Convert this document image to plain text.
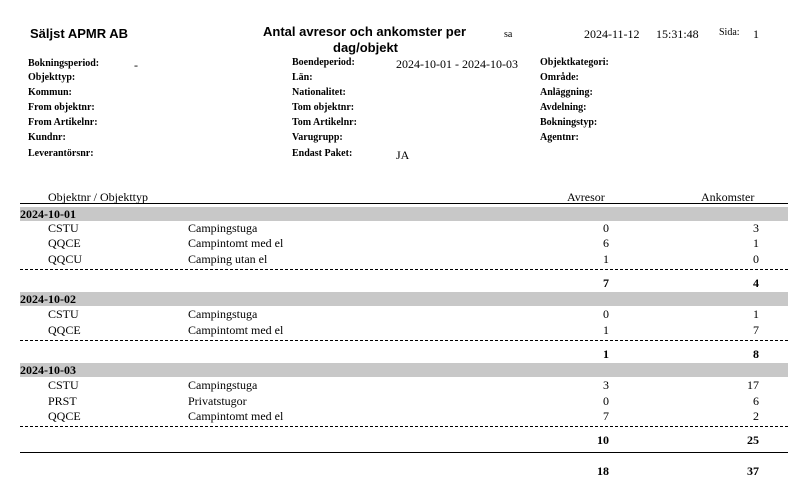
Säljst APMR AB	Antal avresor och ankomster per
dag/objekt
sa	2024-11-12 15:31:48 Sida: 1
Bokningsperiod:	-
Objekttyp:
Kommun:
From objektnr:
From Artikelnr:
Kundnr:
Leverantörsnr:
Boendeperiod:	2024-10-01 - 2024-10-03
Län:
Nationalitet:
Tom objektnr:
Tom Artikelnr:
Varugrupp:
Endast Paket:	JA
Objektkategori:
Område:
Anläggning:
Avdelning:
Bokningstyp:
Agentnr:
Objektnr / Objekttyp	Avresor	Ankomster
2024-10-01
CSTU	Campingstuga	0	3
QQCE	Campintomt med el	6	1
QQCU	Camping utan el	1	0
7	4
2024-10-02
CSTU	Campingstuga	0	1
QQCE	Campintomt med el	1	7
1	8
2024-10-03
CSTU	Campingstuga	3	17
PRST	Privatstugor	0	6
QQCE	Campintomt med el	7	2
10	25
18	37
